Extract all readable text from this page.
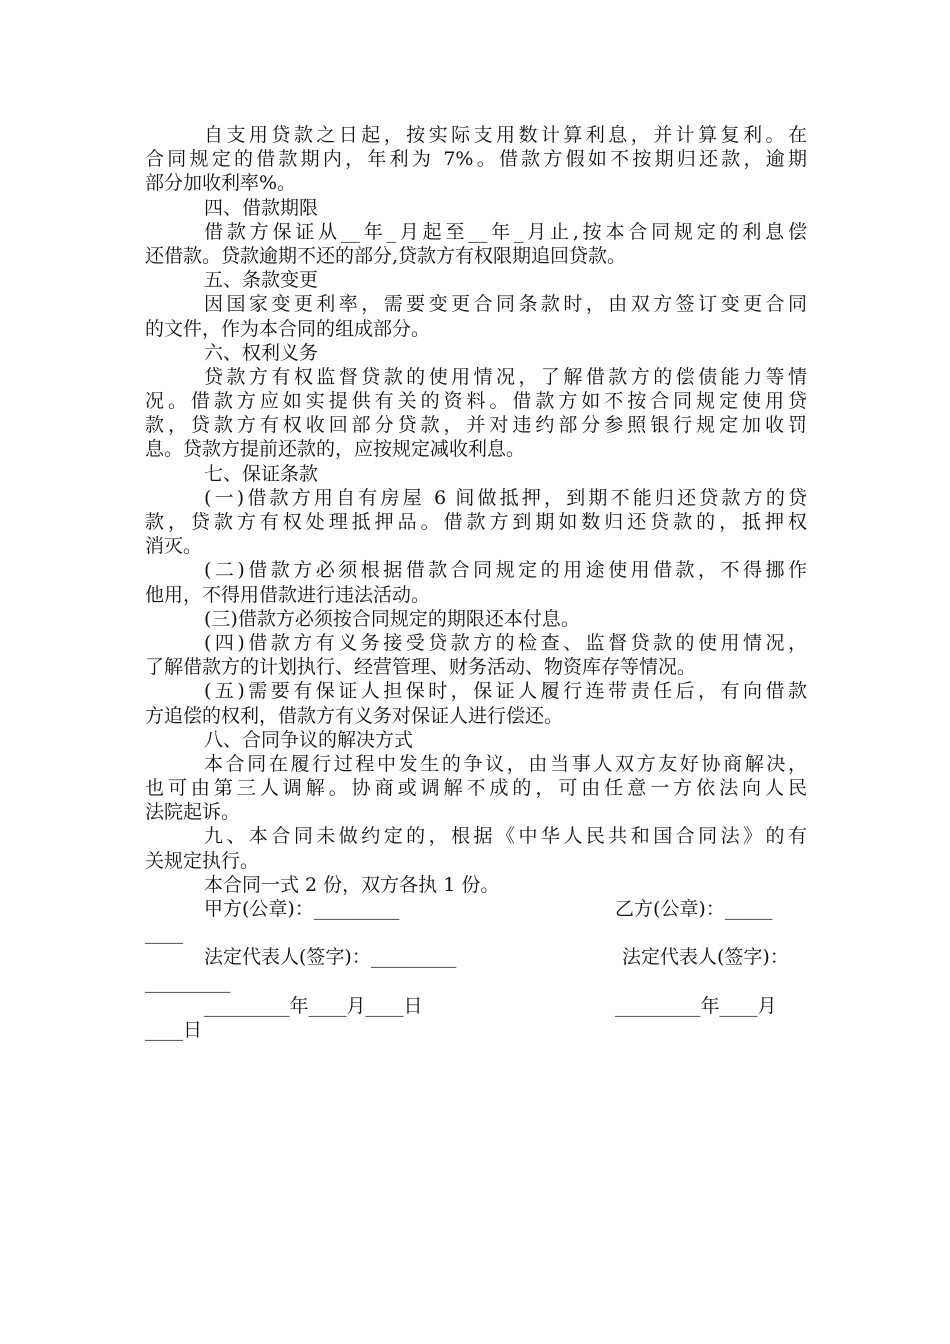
自支用贷款之日起，按实际支用数计算利息，并计算复利。在
合同规定的借款期内，年利为 7%。借款方假如不按期归还款，逾期
部分加收利率%。
四、借款期限
借款方保证从__年_月起至__年_月止,按本合同规定的利息偿
还借款。贷款逾期不还的部分,贷款方有权限期追回贷款。
五、条款变更
因国家变更利率，需要变更合同条款时，由双方签订变更合同
的文件，作为本合同的组成部分。
六、权利义务
贷款方有权监督贷款的使用情况，了解借款方的偿债能力等情
况。借款方应如实提供有关的资料。借款方如不按合同规定使用贷
款，贷款方有权收回部分贷款，并对违约部分参照银行规定加收罚
息。贷款方提前还款的，应按规定减收利息。
七、保证条款
(一)借款方用自有房屋 6 间做抵押，到期不能归还贷款方的贷
款，贷款方有权处理抵押品。借款方到期如数归还贷款的，抵押权
消灭。
(二)借款方必须根据借款合同规定的用途使用借款，不得挪作
他用，不得用借款进行违法活动。
(三)借款方必须按合同规定的期限还本付息。
(四)借款方有义务接受贷款方的检查、监督贷款的使用情况，
了解借款方的计划执行、经营管理、财务活动、物资库存等情况。
(五)需要有保证人担保时，保证人履行连带责任后，有向借款
方追偿的权利，借款方有义务对保证人进行偿还。
八、合同争议的解决方式
本合同在履行过程中发生的争议，由当事人双方友好协商解决，
也可由第三人调解。协商或调解不成的，可由任意一方依法向人民
法院起诉。
九、本合同未做约定的，根据《中华人民共和国合同法》的有
关规定执行。
本合同一式 2 份，双方各执 1 份。

甲方(公章)：_________

	乙方(公章)：_____

____

法定代表人(签字)：_________

	法定代表人(签字)：

_________

_________年____月____日

	_________年____月

____日
